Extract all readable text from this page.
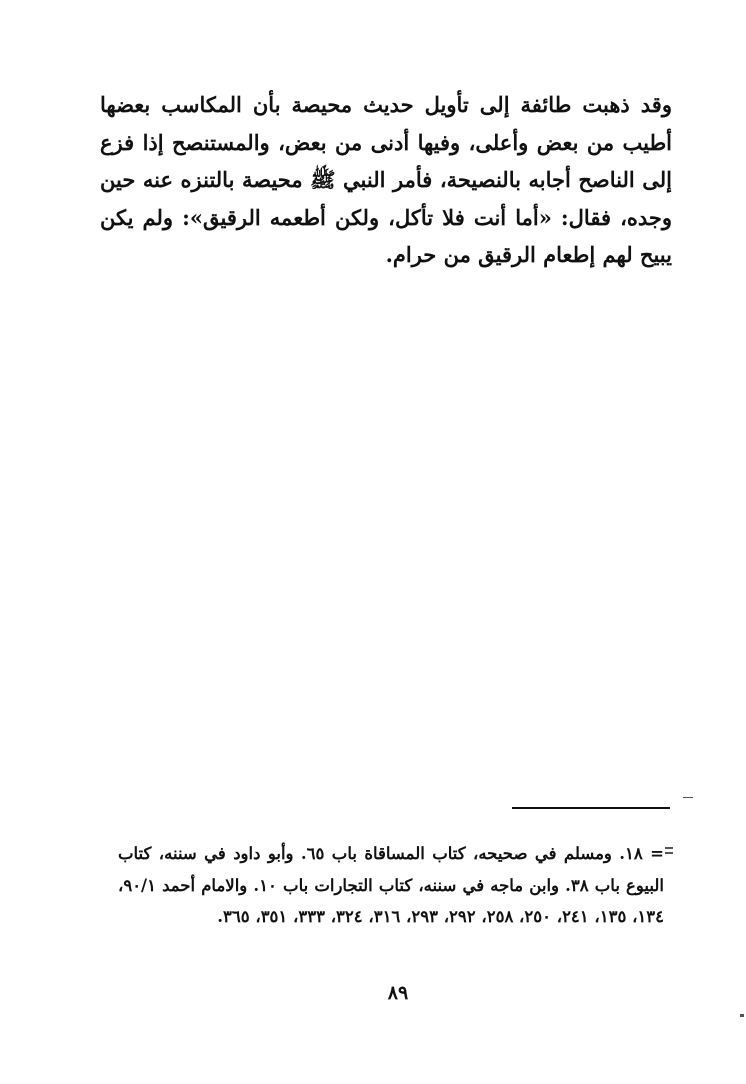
وقد ذهبت طائفة إلى تأويل حديث محيصة بأن المكاسب بعضها أطيب من بعض وأعلى، وفيها أدنى من بعض، والمستنصح إذا فزع إلى الناصح أجابه بالنصيحة، فأمر النبي ﷺ محيصة بالتنزه عنه حين وجده، فقال: «أما أنت فلا تأكل، ولكن أطعمه الرقيق»: ولم يكن يبيح لهم إطعام الرقيق من حرام.

= ١٨. ومسلم في صحيحه، كتاب المساقاة باب ٦٥. وأبو داود في سننه، كتاب البيوع باب ٣٨. وابن ماجه في سننه، كتاب التجارات باب ١٠. والامام أحمد ٩٠/١، ١٣٤، ١٣٥، ٢٤١، ٢٥٠، ٢٥٨، ٢٩٢، ٢٩٣، ٣١٦، ٣٢٤، ٣٣٣، ٣٥١، ٣٦٥.

٨٩
